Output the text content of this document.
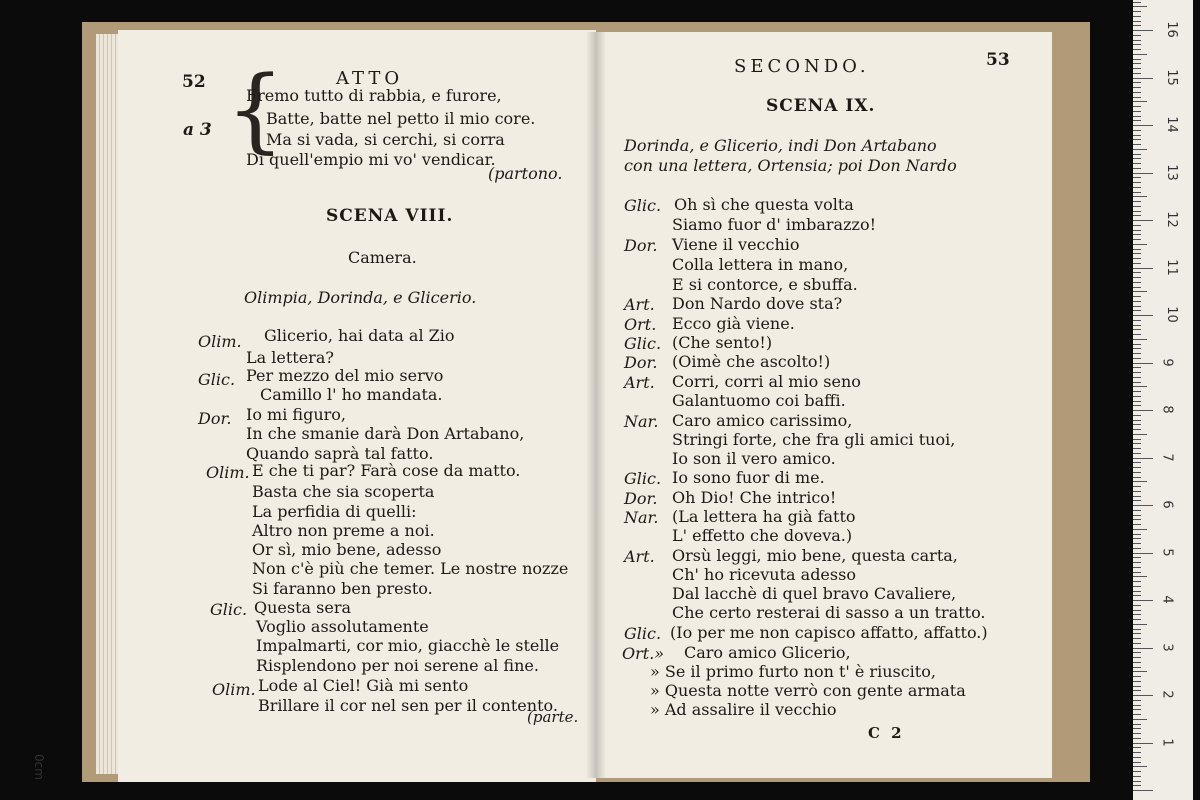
52	ATTO
a 3 {
Fremo tutto di rabbia, e furore,
Batte, batte nel petto il mio core.
Ma si vada, si cerchi, si corra
Di quell'empio mi vo' vendicar.
(partono.
SCENA VIII.
Camera.
Olimpia, Dorinda, e Glicerio.
Olim. Glicerio, hai data al Zio
La lettera?
Glic. Per mezzo del mio servo
Camillo l' ho mandata.
Dor. Io mi figuro,
In che smanie darà Don Artabano,
Quando saprà tal fatto.
Olim. E che ti par? Farà cose da matto.
Basta che sia scoperta
La perfidia di quelli:
Altro non preme a noi.
Or sì, mio bene, adesso
Non c'è più che temer. Le nostre nozze
Si faranno ben presto.
Glic. Questa sera
Voglio assolutamente
Impalmarti, cor mio, giacchè le stelle
Risplendono per noi serene al fine.
Olim. Lode al Ciel! Già mi sento
Brillare il cor nel sen per il contento.
(parte.
SECONDO.	53
SCENA IX.
Dorinda, e Glicerio, indi Don Artabano
con una lettera, Ortensia; poi Don Nardo
Glic. Oh sì che questa volta
Siamo fuor d' imbarazzo!
Dor. Viene il vecchio
Colla lettera in mano,
E si contorce, e sbuffa.
Art. Don Nardo dove sta?
Ort. Ecco già viene.
Glic. (Che sento!)
Dor. (Oimè che ascolto!)
Art. Corri, corri al mio seno
Galantuomo coi baffi.
Nar. Caro amico carissimo,
Stringi forte, che fra gli amici tuoi,
Io son il vero amico.
Glic. Io sono fuor di me.
Dor. Oh Dio! Che intrico!
Nar. (La lettera ha già fatto
L' effetto che doveva.)
Art. Orsù leggi, mio bene, questa carta,
Ch' ho ricevuta adesso
Dal lacchè di quel bravo Cavaliere,
Che certo resterai di sasso a un tratto.
Glic. (Io per me non capisco affatto, affatto.)
Ort.» Caro amico Glicerio,
» Se il primo furto non t' è riuscito,
» Questa notte verrò con gente armata
» Ad assalire il vecchio
C 2	1
2
3
4
5
6
7
8
9
10
11
12
13
14
15
16
0cm
